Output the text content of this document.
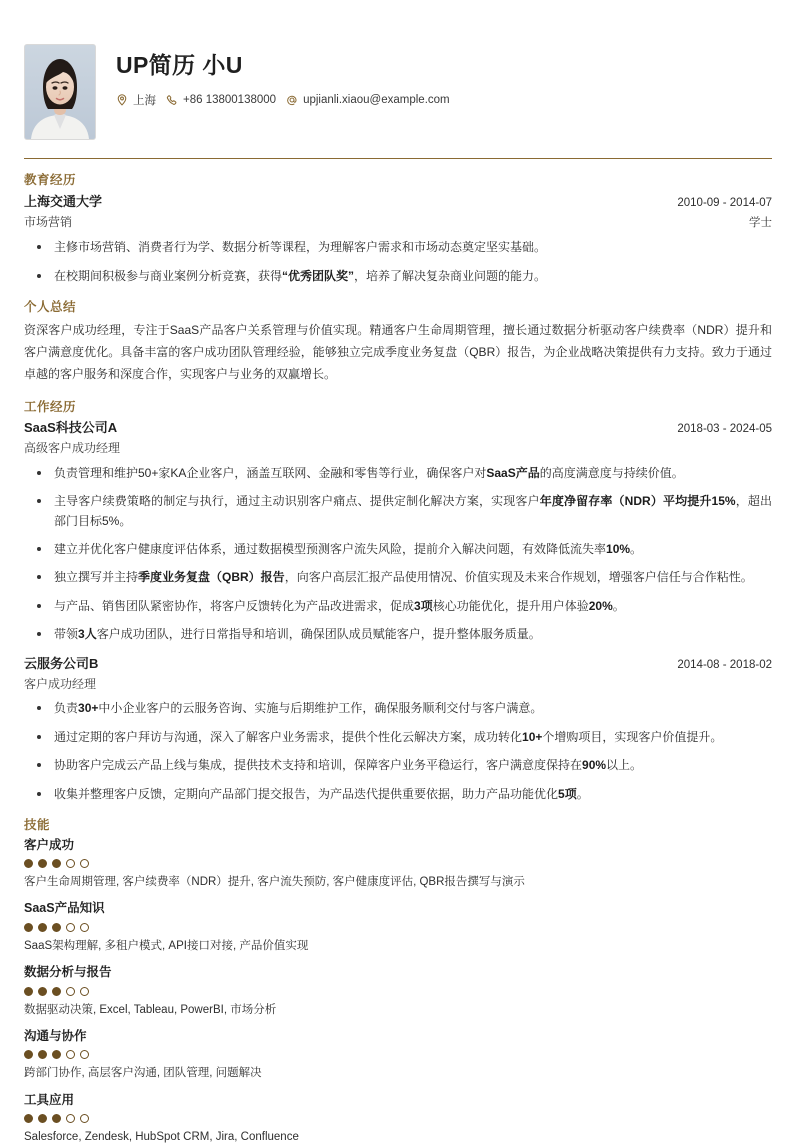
UP简历 小U
上海 +86 13800138000 upjianli.xiaou@example.com
教育经历
上海交通大学	2010-09 - 2014-07
市场营销	学士
主修市场营销、消费者行为学、数据分析等课程，为理解客户需求和市场动态奠定坚实基础。
在校期间积极参与商业案例分析竞赛，获得“优秀团队奖”，培养了解决复杂商业问题的能力。
个人总结

资深客户成功经理，专注于SaaS产品客户关系管理与价值实现。精通客户生命周期管理，擅长通过数据分析驱动客户续费率（NDR）提升和客户满意度优化。具备丰富的客户成功团队管理经验，能够独立完成季度业务复盘（QBR）报告，为企业战略决策提供有力支持。致力于通过卓越的客户服务和深度合作，实现客户与业务的双赢增长。

工作经历
SaaS科技公司A	2018-03 - 2024-05
高级客户成功经理
负责管理和维护50+家KA企业客户，涵盖互联网、金融和零售等行业，确保客户对SaaS产品的高度满意度与持续价值。
主导客户续费策略的制定与执行，通过主动识别客户痛点、提供定制化解决方案，实现客户年度净留存率（NDR）平均提升15%，超出部门目标5%。
建立并优化客户健康度评估体系，通过数据模型预测客户流失风险，提前介入解决问题，有效降低流失率10%。
独立撰写并主持季度业务复盘（QBR）报告，向客户高层汇报产品使用情况、价值实现及未来合作规划，增强客户信任与合作粘性。
与产品、销售团队紧密协作，将客户反馈转化为产品改进需求，促成3项核心功能优化，提升用户体验20%。
带领3人客户成功团队，进行日常指导和培训，确保团队成员赋能客户，提升整体服务质量。
云服务公司B	2014-08 - 2018-02
客户成功经理
负责30+中小企业客户的云服务咨询、实施与后期维护工作，确保服务顺利交付与客户满意。
通过定期的客户拜访与沟通，深入了解客户业务需求，提供个性化云解决方案，成功转化10+个增购项目，实现客户价值提升。
协助客户完成云产品上线与集成，提供技术支持和培训，保障客户业务平稳运行，客户满意度保持在90%以上。
收集并整理客户反馈，定期向产品部门提交报告，为产品迭代提供重要依据，助力产品功能优化5项。
技能
客户成功
客户生命周期管理, 客户续费率（NDR）提升, 客户流失预防, 客户健康度评估, QBR报告撰写与演示
SaaS产品知识
SaaS架构理解, 多租户模式, API接口对接, 产品价值实现
数据分析与报告
数据驱动决策, Excel, Tableau, PowerBI, 市场分析
沟通与协作
跨部门协作, 高层客户沟通, 团队管理, 问题解决
工具应用
Salesforce, Zendesk, HubSpot CRM, Jira, Confluence
